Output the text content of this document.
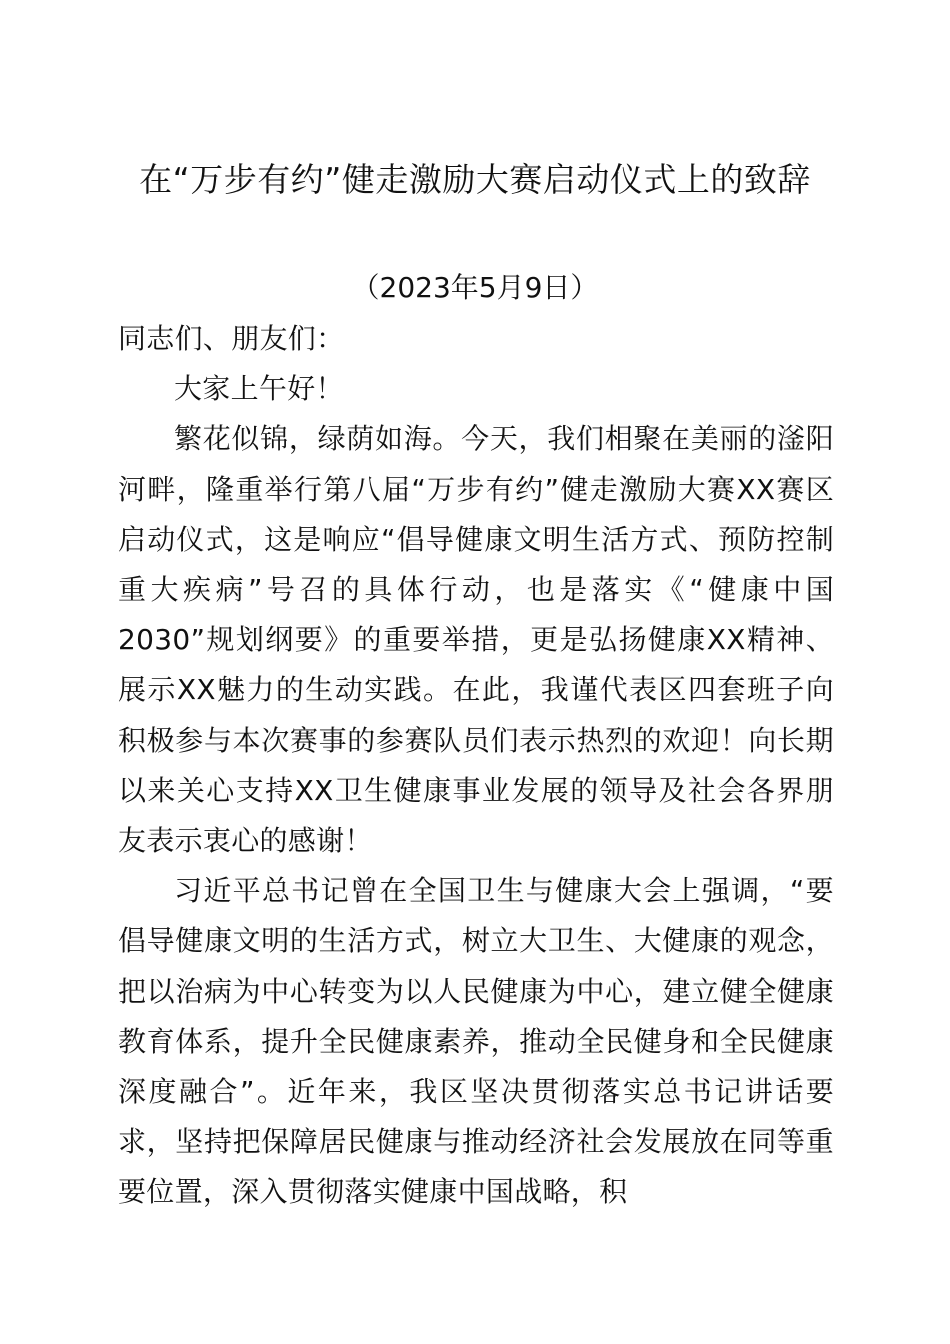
在“万步有约”健走激励大赛启动仪式上的致辞

（2023年5月9日）

同志们、朋友们：

大家上午好！

繁花似锦，绿荫如海。今天，我们相聚在美丽的滏阳河畔，隆重举行第八届“万步有约”健走激励大赛XX赛区启动仪式，这是响应“倡导健康文明生活方式、预防控制重大疾病”号召的具体行动，也是落实《“健康中国2030”规划纲要》的重要举措，更是弘扬健康XX精神、展示XX魅力的生动实践。在此，我谨代表区四套班子向积极参与本次赛事的参赛队员们表示热烈的欢迎！向长期以来关心支持XX卫生健康事业发展的领导及社会各界朋友表示衷心的感谢！

习近平总书记曾在全国卫生与健康大会上强调，“要倡导健康文明的生活方式，树立大卫生、大健康的观念，把以治病为中心转变为以人民健康为中心，建立健全健康教育体系，提升全民健康素养，推动全民健身和全民健康深度融合”。近年来，我区坚决贯彻落实总书记讲话要求，坚持把保障居民健康与推动经济社会发展放在同等重要位置，深入贯彻落实健康中国战略，积
